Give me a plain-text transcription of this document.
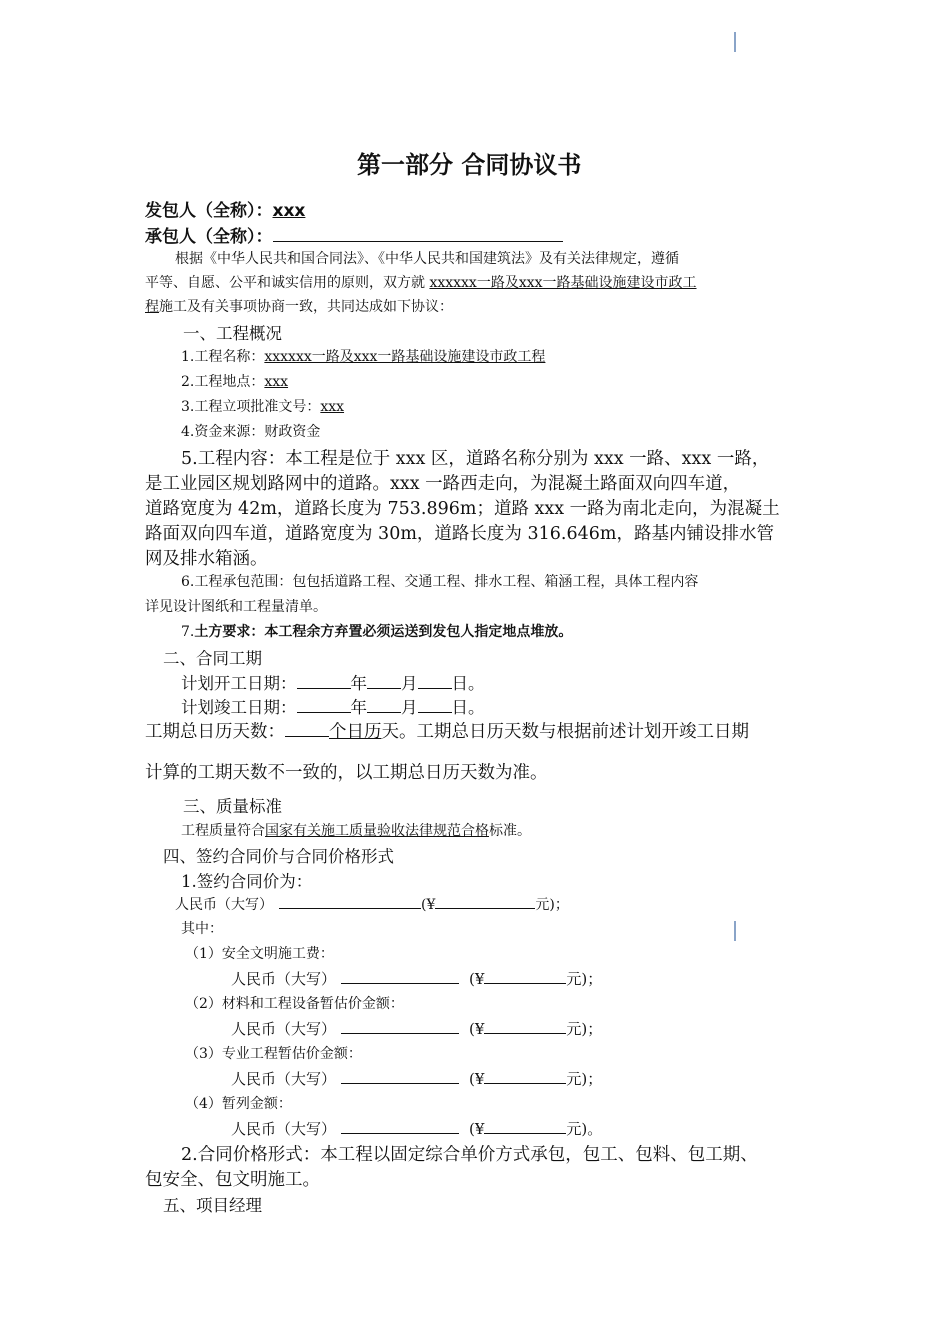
第一部分 合同协议书
发包人（全称）：xxx
承包人（全称）：
根据《中华人民共和国合同法》、《中华人民共和国建筑法》及有关法律规定，遵循
平等、自愿、公平和诚实信用的原则，双方就 xxxxxx一路及xxx一路基础设施建设市政工
程施工及有关事项协商一致，共同达成如下协议：
一、工程概况
1.工程名称：xxxxxx一路及xxx一路基础设施建设市政工程
2.工程地点：xxx
3.工程立项批准文号：xxx
4.资金来源：财政资金
5.工程内容：本工程是位于 xxx 区，道路名称分别为 xxx 一路、xxx 一路，
是工业园区规划路网中的道路。xxx 一路西走向，为混凝土路面双向四车道，
道路宽度为 42m，道路长度为 753.896m；道路 xxx 一路为南北走向，为混凝土
路面双向四车道，道路宽度为 30m，道路长度为 316.646m，路基内铺设排水管
网及排水箱涵。
6.工程承包范围：包包括道路工程、交通工程、排水工程、箱涵工程，具体工程内容
详见设计图纸和工程量清单。
7.土方要求：本工程余方弃置必须运送到发包人指定地点堆放。
二、合同工期
计划开工日期：	年 月 日。
计划竣工日期：	年 月 日。
工期总日历天数：	个日历天。工期总日历天数与根据前述计划开竣工日期
计算的工期天数不一致的，以工期总日历天数为准。
三、质量标准
工程质量符合国家有关施工质量验收法律规范合格标准。
四、签约合同价与合同价格形式
1.签约合同价为：
人民币（大写）	(¥	元)；
其中：
（1）安全文明施工费：
人民币（大写）	(¥	元)；
（2）材料和工程设备暂估价金额：
人民币（大写）	(¥	元)；
（3）专业工程暂估价金额：
人民币（大写）	(¥	元)；
（4）暂列金额：
人民币（大写）	(¥	元)。
2.合同价格形式：本工程以固定综合单价方式承包，包工、包料、包工期、
包安全、包文明施工。
五、项目经理
